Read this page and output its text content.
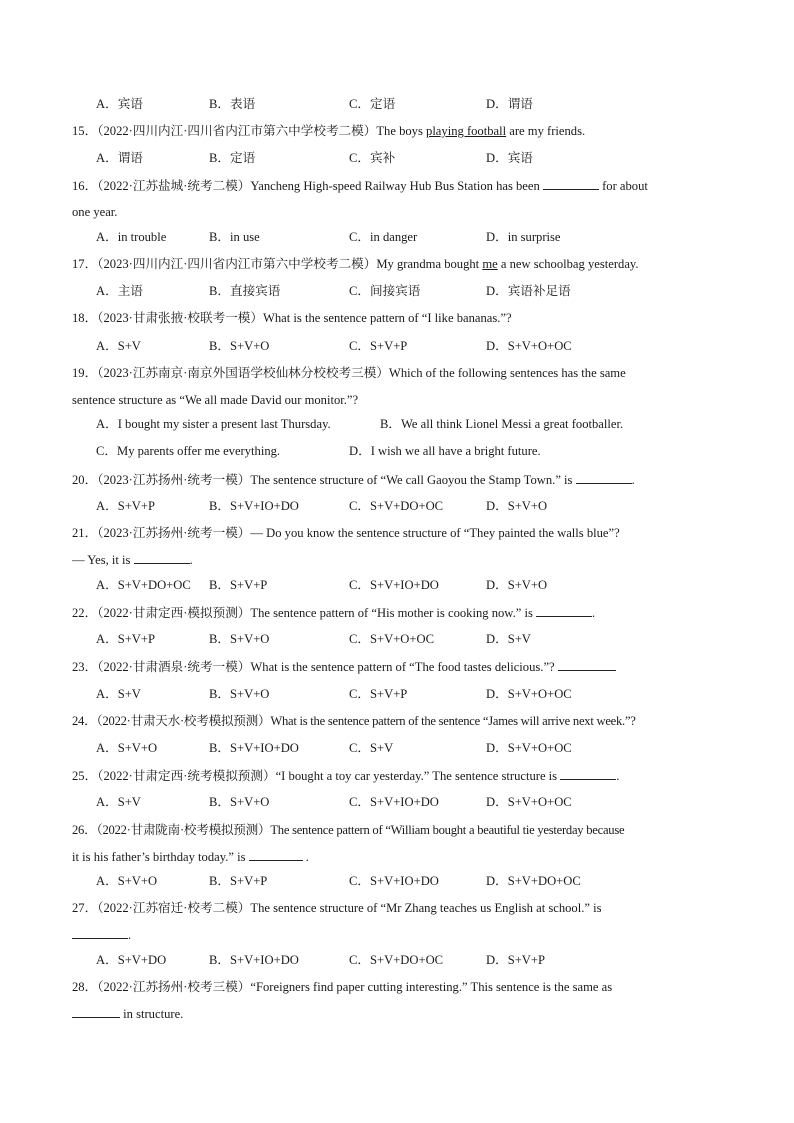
A．宾语	B．表语	C．定语	D．谓语
15．（2022·四川内江·四川省内江市第六中学校考二模）The boys playing football are my friends.
A．谓语	B．定语	C．宾补	D．宾语
16．（2022·江苏盐城·统考二模）Yancheng High-speed Railway Hub Bus Station has been	for about
one year.
A．in trouble	B．in use	C．in danger	D．in surprise
17．（2023·四川内江·四川省内江市第六中学校考二模）My grandma bought me a new schoolbag yesterday.
A．主语	B．直接宾语	C．间接宾语	D．宾语补足语
18．（2023·甘肃张掖·校联考一模）What is the sentence pattern of “I like bananas.”?
A．S+V	B．S+V+O	C．S+V+P	D．S+V+O+OC
19．（2023·江苏南京·南京外国语学校仙林分校校考三模）Which of the following sentences has the same
sentence structure as “We all made David our monitor.”?
A．I bought my sister a present last Thursday.	B．We all think Lionel Messi a great footballer.
C．My parents offer me everything.	D．I wish we all have a bright future.
20．（2023·江苏扬州·统考一模）The sentence structure of “We call Gaoyou the Stamp Town.” is	.
A．S+V+P	B．S+V+IO+DO	C．S+V+DO+OC	D．S+V+O
21．（2023·江苏扬州·统考一模）— Do you know the sentence structure of “They painted the walls blue”?
— Yes, it is	.
A．S+V+DO+OC B．S+V+P	C．S+V+IO+DO	D．S+V+O
22．（2022·甘肃定西·模拟预测）The sentence pattern of “His mother is cooking now.” is	.
A．S+V+P	B．S+V+O	C．S+V+O+OC	D．S+V
23．（2022·甘肃酒泉·统考一模）What is the sentence pattern of “The food tastes delicious.”?
A．S+V	B．S+V+O	C．S+V+P	D．S+V+O+OC
24．（2022·甘肃天水·校考模拟预测）What is the sentence pattern of the sentence “James will arrive next week.”?
A．S+V+O	B．S+V+IO+DO	C．S+V	D．S+V+O+OC
25．（2022·甘肃定西·统考模拟预测）“I bought a toy car yesterday.” The sentence structure is	.
A．S+V	B．S+V+O	C．S+V+IO+DO	D．S+V+O+OC
26．（2022·甘肃陇南·校考模拟预测）The sentence pattern of “William bought a beautiful tie yesterday because
it is his father’s birthday today.” is	.
A．S+V+O	B．S+V+P	C．S+V+IO+DO	D．S+V+DO+OC
27．（2022·江苏宿迁·校考二模）The sentence structure of “Mr Zhang teaches us English at school.” is
.
A．S+V+DO	B．S+V+IO+DO	C．S+V+DO+OC	D．S+V+P
28．（2022·江苏扬州·校考三模）“Foreigners find paper cutting interesting.” This sentence is the same as
in structure.
